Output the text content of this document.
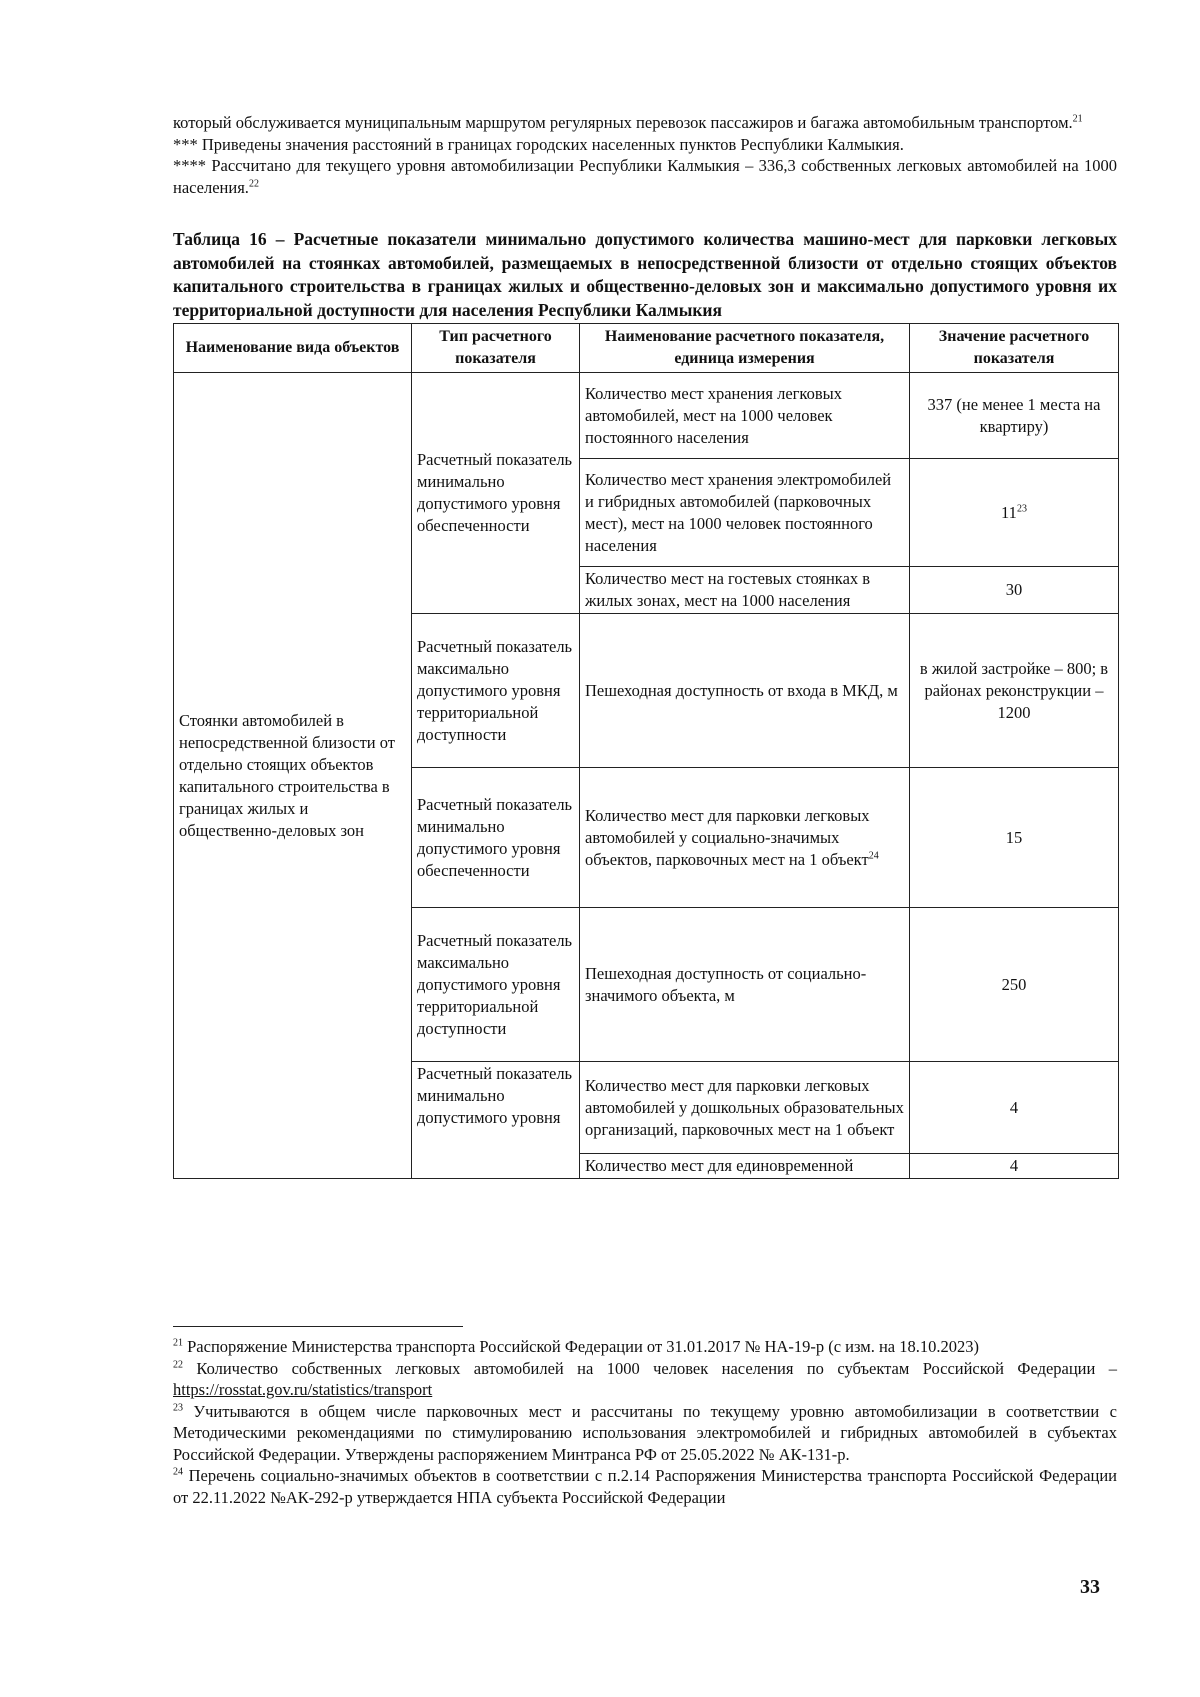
который обслуживается муниципальным маршрутом регулярных перевозок пассажиров и багажа автомобильным транспортом.$^{21}$

*** Приведены значения расстояний в границах городских населенных пунктов Республики Калмыкия.

**** Рассчитано для текущего уровня автомобилизации Республики Калмыкия – 336,3 собственных легковых автомобилей на 1000 населения.$^{22}$

Таблица 16 – Расчетные показатели минимально допустимого количества машино-мест для парковки легковых автомобилей на стоянках автомобилей, размещаемых в непосредственной близости от отдельно стоящих объектов капитального строительства в границах жилых и общественно-деловых зон и максимально допустимого уровня их территориальной доступности для населения Республики Калмыкия

Наименование вида объектов	Тип расчетного показателя	Наименование расчетного показателя, единица измерения	Значение расчетного показателя
Стоянки автомобилей в непосредственной близости от отдельно стоящих объектов капитального строительства в границах жилых и общественно-деловых зон	Расчетный показатель минимально допустимого уровня обеспеченности	Количество мест хранения легковых автомобилей, мест на 1000 человек постоянного населения	337 (не менее 1 места на квартиру)
		Количество мест хранения электромобилей и гибридных автомобилей (парковочных мест), мест на 1000 человек постоянного населения	$11^{23}$
		Количество мест на гостевых стоянках в жилых зонах, мест на 1000 населения	30
	Расчетный показатель максимально допустимого уровня территориальной доступности	Пешеходная доступность от входа в МКД, м	в жилой застройке – 800; в районах реконструкции – 1200
	Расчетный показатель минимально допустимого уровня обеспеченности	Количество мест для парковки легковых автомобилей у социально-значимых объектов, парковочных мест на 1 объект$^{24}$	15
	Расчетный показатель максимально допустимого уровня территориальной доступности	Пешеходная доступность от социально-значимого объекта, м	250
	Расчетный показатель минимально допустимого уровня	Количество мест для парковки легковых автомобилей у дошкольных образовательных организаций, парковочных мест на 1 объект	4
		Количество мест для единовременной	4

$^{21}$ Распоряжение Министерства транспорта Российской Федерации от 31.01.2017 № НА-19-р (с изм. на 18.10.2023)

$^{22}$ Количество собственных легковых автомобилей на 1000 человек населения по субъектам Российской Федерации – https://rosstat.gov.ru/statistics/transport

$^{23}$ Учитываются в общем числе парковочных мест и рассчитаны по текущему уровню автомобилизации в соответствии с Методическими рекомендациями по стимулированию использования электромобилей и гибридных автомобилей в субъектах Российской Федерации. Утверждены распоряжением Минтранса РФ от 25.05.2022 № АК-131-р.

$^{24}$ Перечень социально-значимых объектов в соответствии с п.2.14 Распоряжения Министерства транспорта Российской Федерации от 22.11.2022 №АК-292-р утверждается НПА субъекта Российской Федерации

33
